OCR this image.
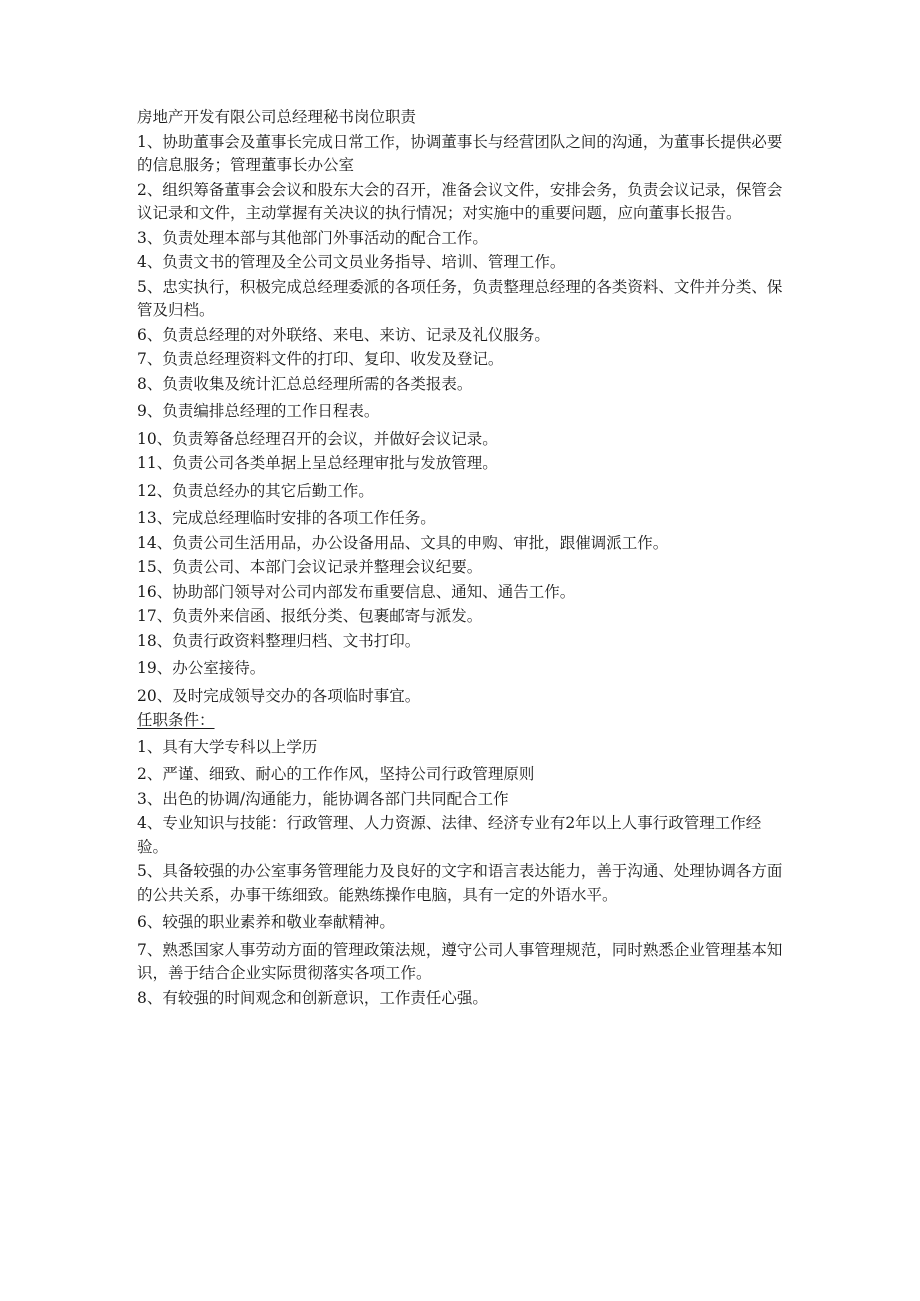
房地产开发有限公司总经理秘书岗位职责

1、协助董事会及董事长完成日常工作，协调董事长与经营团队之间的沟通，为董事长提供必要的信息服务；管理董事长办公室

2、组织筹备董事会会议和股东大会的召开，准备会议文件，安排会务，负责会议记录，保管会议记录和文件，主动掌握有关决议的执行情况；对实施中的重要问题，应向董事长报告。

3、负责处理本部与其他部门外事活动的配合工作。

4、负责文书的管理及全公司文员业务指导、培训、管理工作。

5、忠实执行，积极完成总经理委派的各项任务，负责整理总经理的各类资料、文件并分类、保管及归档。

6、负责总经理的对外联络、来电、来访、记录及礼仪服务。

7、负责总经理资料文件的打印、复印、收发及登记。

8、负责收集及统计汇总总经理所需的各类报表。

9、负责编排总经理的工作日程表。

10、负责筹备总经理召开的会议，并做好会议记录。

11、负责公司各类单据上呈总经理审批与发放管理。

12、负责总经办的其它后勤工作。

13、完成总经理临时安排的各项工作任务。

14、负责公司生活用品，办公设备用品、文具的申购、审批，跟催调派工作。

15、负责公司、本部门会议记录并整理会议纪要。

16、协助部门领导对公司内部发布重要信息、通知、通告工作。

17、负责外来信函、报纸分类、包裹邮寄与派发。

18、负责行政资料整理归档、文书打印。

19、办公室接待。

20、及时完成领导交办的各项临时事宜。

任职条件：

1、具有大学专科以上学历

2、严谨、细致、耐心的工作作风，坚持公司行政管理原则

3、出色的协调/沟通能力，能协调各部门共同配合工作

4、专业知识与技能：行政管理、人力资源、法律、经济专业有2年以上人事行政管理工作经验。

5、具备较强的办公室事务管理能力及良好的文字和语言表达能力，善于沟通、处理协调各方面的公共关系，办事干练细致。能熟练操作电脑，具有一定的外语水平。

6、较强的职业素养和敬业奉献精神。

7、熟悉国家人事劳动方面的管理政策法规，遵守公司人事管理规范，同时熟悉企业管理基本知识，善于结合企业实际贯彻落实各项工作。

8、有较强的时间观念和创新意识，工作责任心强。
